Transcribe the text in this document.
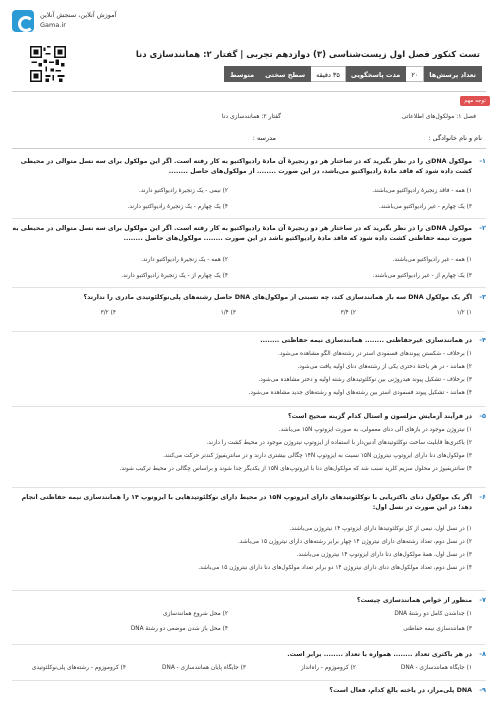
آموزش آنلاین، سنجش آنلاین
Gama.ir
تست کنکور فصل اول زیست‌شناسی (۳) دوازدهم تجربی | گفتار ۲: همانندسازی دنا
تعداد پرسش‌ها
۲۰
مدت پاسخگویی
۳۵ دقیقه
سطح سختی
متوسط
توجه مهم
فصل ۱: مولکول‌های اطلاعاتی
گفتار ۲: همانندسازی دنا
نام و نام خانوادگی :
مدرسه :
۱-
مولکول DNA‌ی را در نظر بگیرید که در ساختار هر دو زنجیرهٔ آن مادهٔ رادیواکتیو به کار رفته است. اگر این مولکول برای سه نسل متوالی در محیطی کشت داده شود که فاقد مادهٔ رادیواکتیو می‌باشد، در این صورت ........ از مولکول‌های حاصل ........
۱) همه - فاقد زنجیرهٔ رادیواکتیو می‌باشند.
۲) نیمی - یک زنجیرهٔ رادیواکتیو دارند.
۳) یک چهارم - غیر رادیواکتیو می‌باشند.
۴) یک چهارم - یک زنجیرهٔ رادیواکتیو دارند.
۲-
مولکول DNA‌ی را در نظر بگیرید که در ساختار هر دو زنجیرهٔ آن مادهٔ رادیواکتیو به کار رفته است. اگر این مولکول برای سه نسل متوالی در محیطی به صورت نیمه حفاظتی کشت داده شود که فاقد مادهٔ رادیواکتیو باشد در این صورت ........ مولکول‌های حاصل ........
۱) همه - غیر رادیواکتیو می‌باشند.
۲) همه - یک زنجیرهٔ رادیواکتیو دارند.
۳) یک چهارم از - غیر رادیواکتیو می‌باشند.
۴) یک چهارم از - یک زنجیرهٔ رادیواکتیو دارند.
۳-
اگر یک مولکول DNA سه بار همانندسازی کند، چه نسبتی از مولکول‌های DNA حاصل رشته‌های پلی‌نوکلئوتیدی مادری را ندارند؟
۱) ۱/۲
۲) ۳/۴
۳) ۱/۴
۴) ۳/۲
۴-
در همانندسازی غیرحفاظتی ........ همانندسازی نیمه حفاظتی ........
۱) برخلاف - شکستن پیوندهای فسفودی استر در رشته‌های الگو مشاهده می‌شود.
۲) همانند - در هر یاختهٔ دختری یکی از رشته‌های دنای اولیه یافت می‌شود.
۳) برخلاف - تشکیل پیوند هیدروژنی بین نوکلئوتیدهای رشته اولیه و دختر مشاهده می‌شود.
۴) همانند - تشکیل پیوند فسفودی استر بین رشته‌های اولیه و رشته‌های جدید مشاهده می‌شود.
۵-
در فرآیند آزمایش مزلسون و استال کدام گزینه صحیح است؟
۱) نیتروژن موجود در بازهای آلی دنای معمولی، به صورت ایزوتوپ ۱۵N می‌باشد.
۲) باکتری‌ها قابلیت ساخت نوکلئوتیدهای آدنین‌دار با استفاده از ایزوتوپ نیتروژن موجود در محیط کشت را دارند.
۳) مولکول‌های دنا دارای ایزوتوپ نیتروژن ۱۵N نسبت به ایزوتوپ ۱۴N چگالی بیشتری دارند و در سانتریفیوژ کندتر حرکت می‌کنند.
۴) سانتریفیوژ در محلول سزیم کلرید سبب شد که مولکول‌های دنا با ایزوتوپ‌های ۱۵N از یکدیگر جدا شوند و براساس چگالی در محیط ترکیب شوند.
۶-
اگر یک مولکول دنای باکتریایی با نوکلئوتیدهای دارای ایزوتوپ ۱۵N در محیط دارای نوکلئوتیدهایی با ایزوتوپ ۱۴ را همانندسازی نیمه حفاظتی انجام دهد؛ در این صورت در نسل اول:
۱) در نسل اول، نیمی از کل نوکلئوتیدها دارای ایزوتوپ ۱۴ نیتروژن می‌باشند.
۲) در نسل دوم، تعداد رشته‌های دارای نیتروژن ۱۴ چهار برابر رشته‌های دارای نیتروژن ۱۵ می‌باشد.
۳) در نسل اول، همهٔ مولکول‌های دنا دارای ایزوتوپ ۱۴ نیتروژن می‌باشند.
۴) در نسل دوم، تعداد مولکول‌های دنای دارای نیتروژن ۱۴ دو برابر تعداد مولکول‌های دنا دارای نیتروژن ۱۵ می‌باشد.
۷-
منظور از خواص همانندسازی چیست؟
۱) جداشدن کامل دو رشتهٔ DNA
۲) محل شروع همانندسازی
۳) همانندسازی نیمه حفاظتی
۴) محل باز شدن موضعی دو رشتهٔ DNA
۸-
در هر باکتری تعداد ........ همواره با تعداد ........ برابر است.
۱) جایگاه همانندسازی - DNA
۲) کروموزوم - راه‌انداز
۳) جایگاه پایان همانندسازی - DNA
۴) کروموزوم - رشته‌های پلی‌نوکلئوتیدی
۹-
DNA پلی‌مراز، در یاخته بالغ کدام، فعال است؟
